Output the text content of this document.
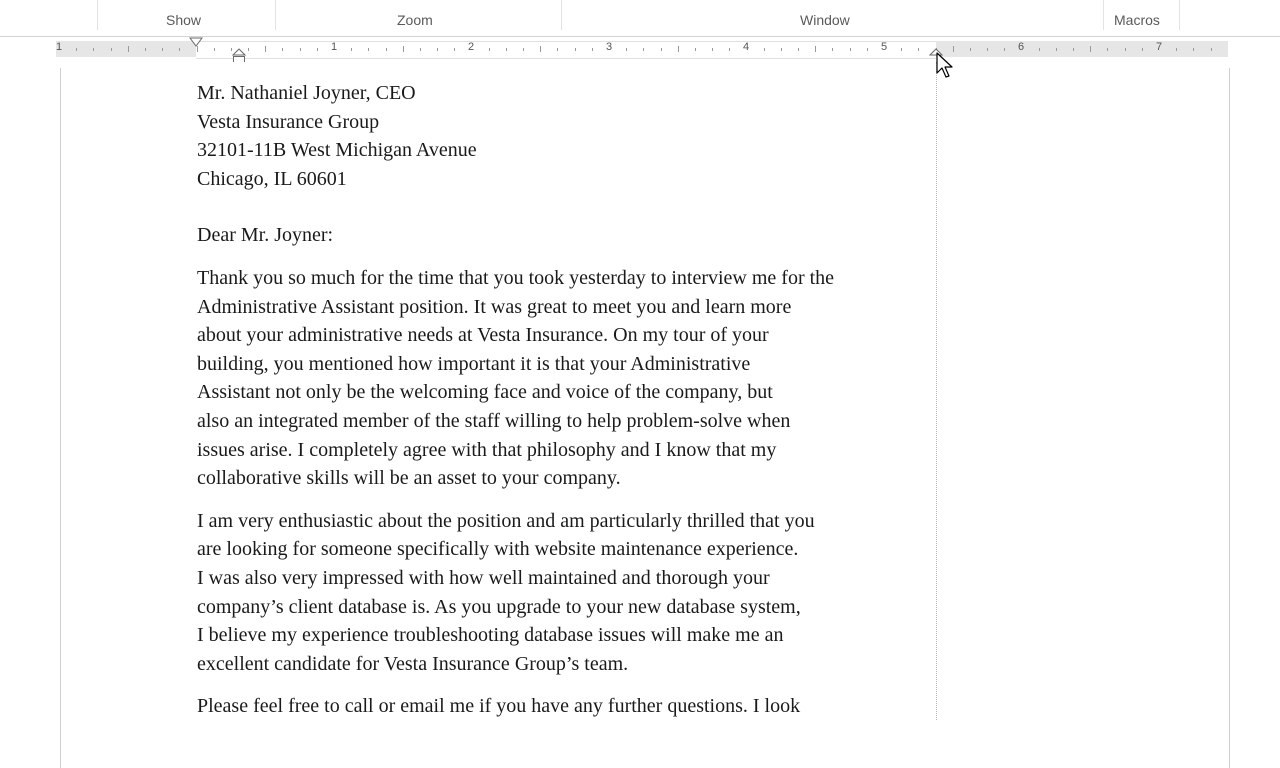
Show	Zoom	Window	Macros
1	1	2	3	4	5	6	7
Mr. Nathaniel Joyner, CEO
Vesta Insurance Group
32101-11B West Michigan Avenue
Chicago, IL 60601
Dear Mr. Joyner:
Thank you so much for the time that you took yesterday to interview me for the
Administrative Assistant position. It was great to meet you and learn more
about your administrative needs at Vesta Insurance. On my tour of your
building, you mentioned how important it is that your Administrative
Assistant not only be the welcoming face and voice of the company, but
also an integrated member of the staff willing to help problem-solve when
issues arise. I completely agree with that philosophy and I know that my
collaborative skills will be an asset to your company.
I am very enthusiastic about the position and am particularly thrilled that you
are looking for someone specifically with website maintenance experience.
I was also very impressed with how well maintained and thorough your
company’s client database is. As you upgrade to your new database system,
I believe my experience troubleshooting database issues will make me an
excellent candidate for Vesta Insurance Group’s team.
Please feel free to call or email me if you have any further questions. I look
